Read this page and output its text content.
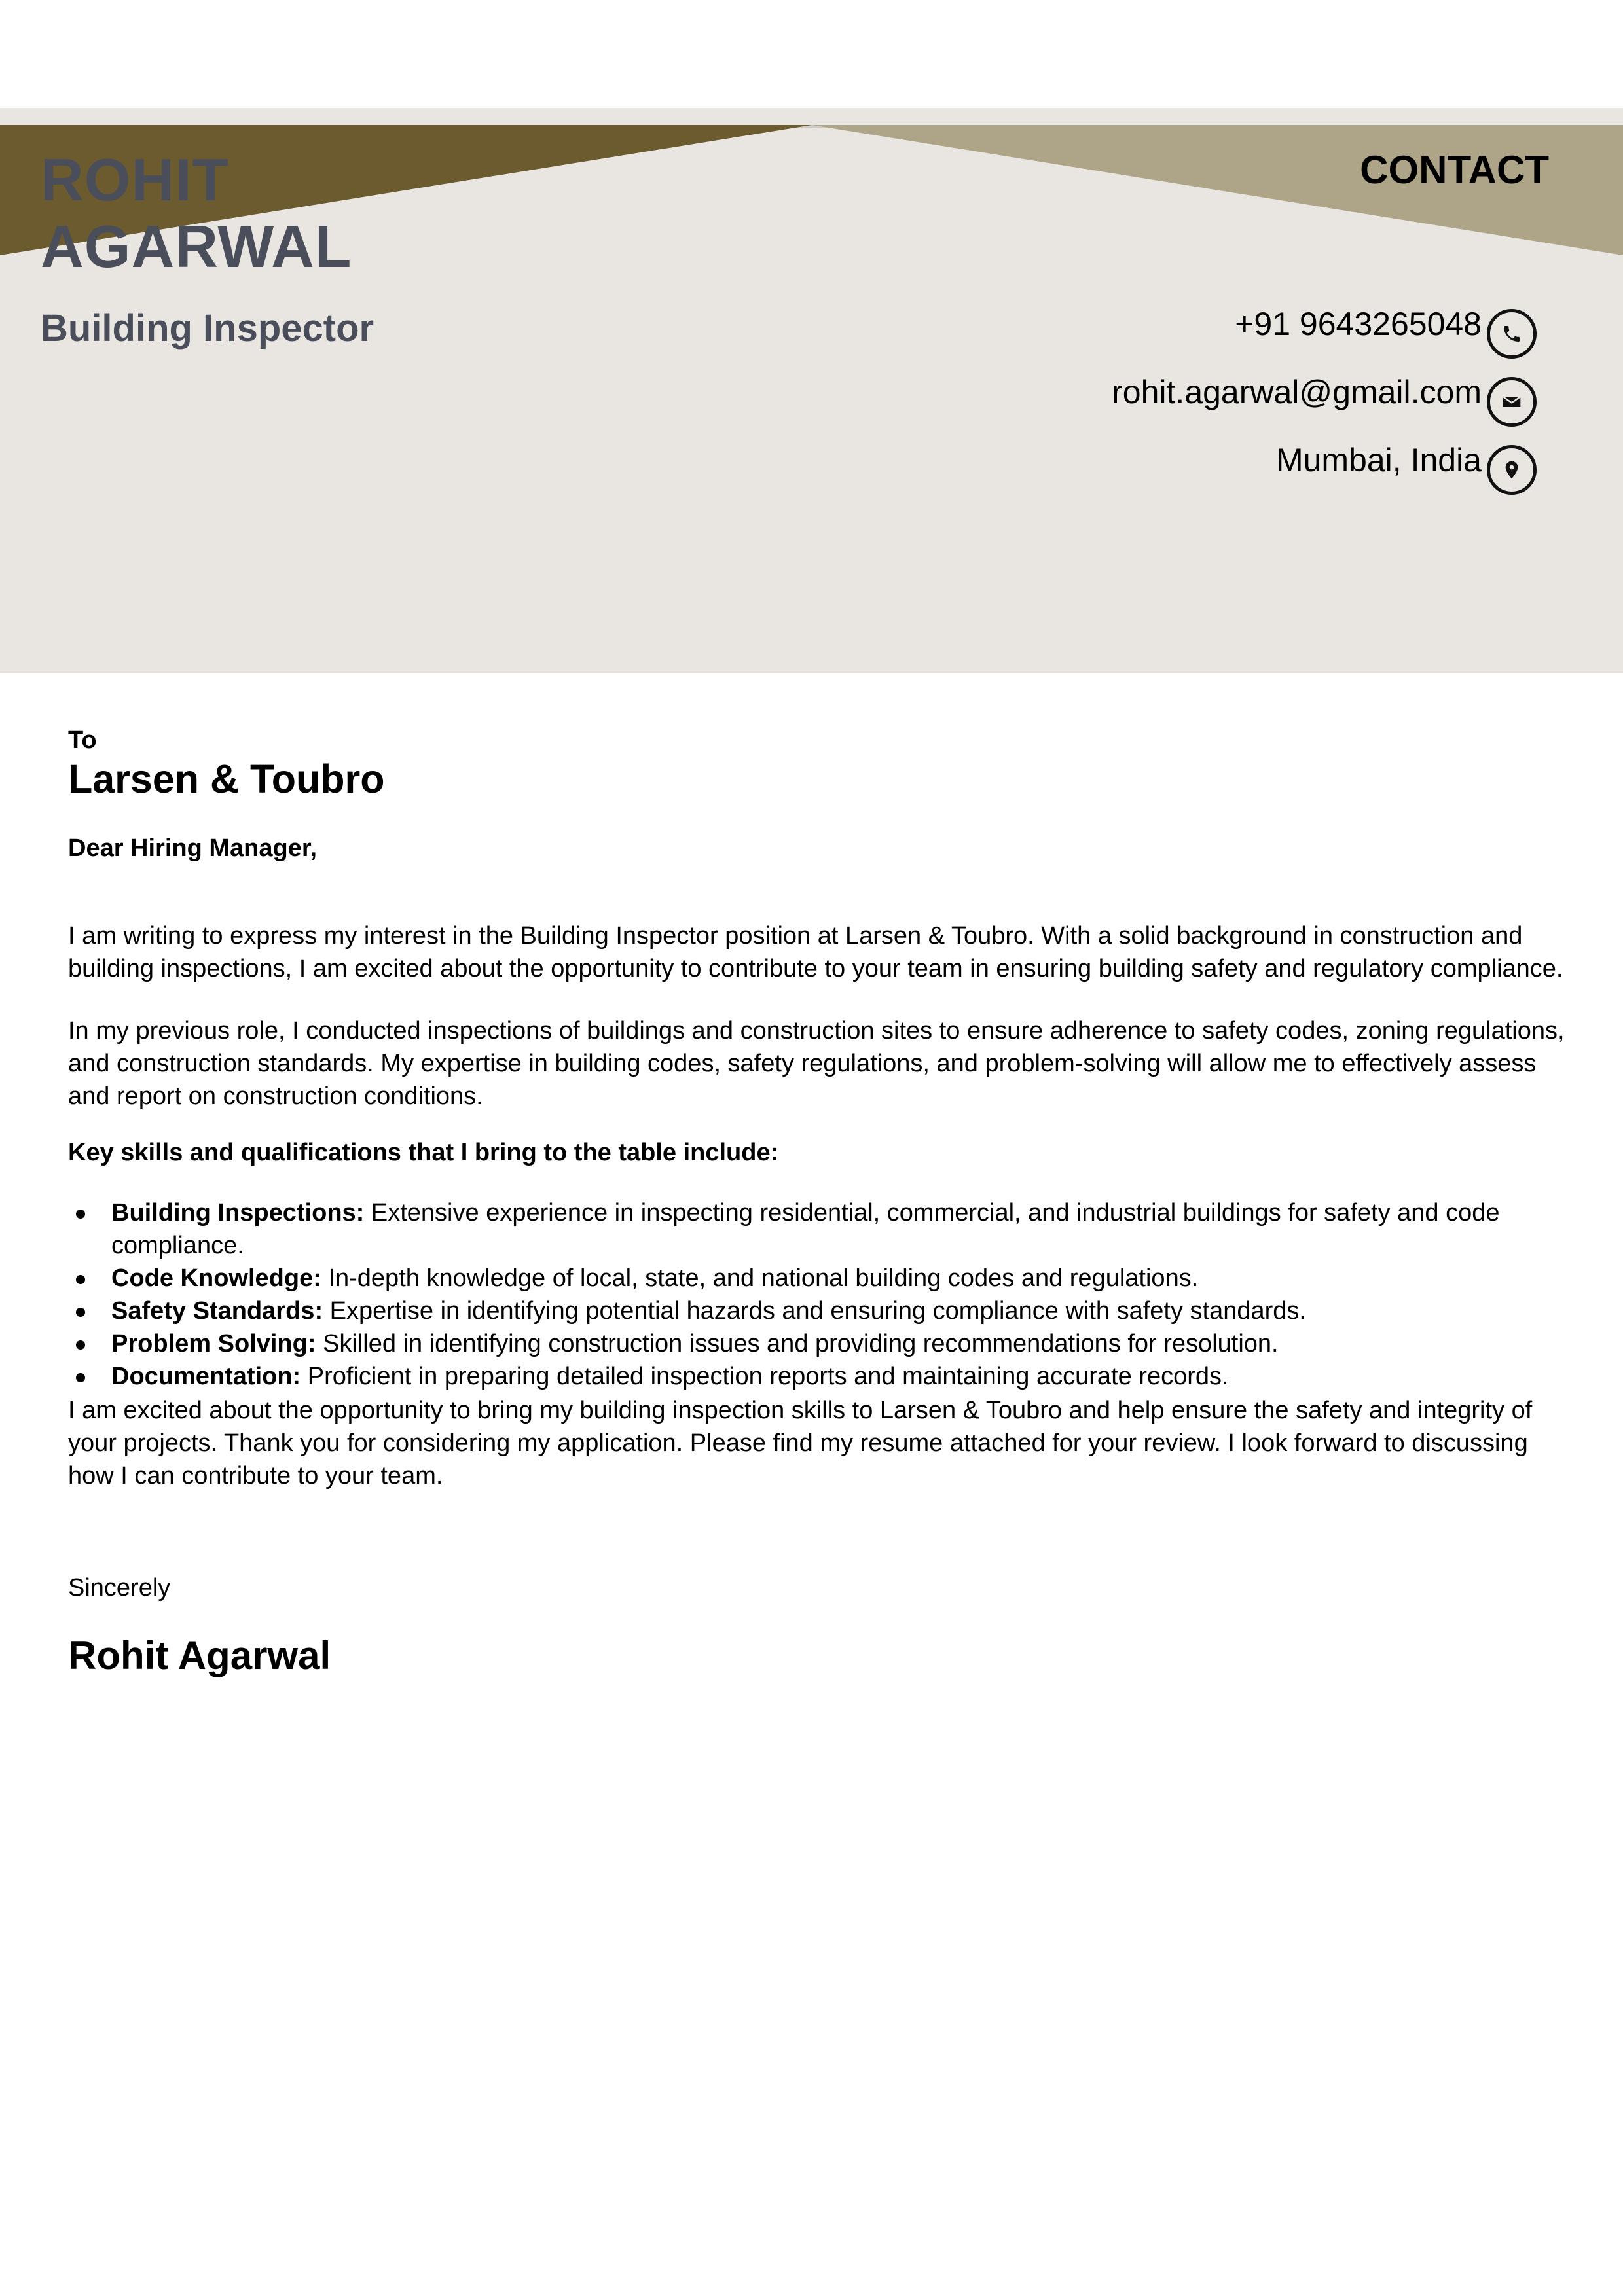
ROHIT
AGARWAL
Building Inspector
CONTACT
+91 9643265048
rohit.agarwal@gmail.com
Mumbai, India
To
Larsen & Toubro
Dear Hiring Manager,

I am writing to express my interest in the Building Inspector position at Larsen & Toubro. With a solid background in construction and building inspections, I am excited about the opportunity to contribute to your team in ensuring building safety and regulatory compliance.

In my previous role, I conducted inspections of buildings and construction sites to ensure adherence to safety codes, zoning regulations, and construction standards. My expertise in building codes, safety regulations, and problem-solving will allow me to effectively assess and report on construction conditions.

Key skills and qualifications that I bring to the table include:
Building Inspections: Extensive experience in inspecting residential, commercial, and industrial buildings for safety and code compliance.
Code Knowledge: In-depth knowledge of local, state, and national building codes and regulations.
Safety Standards: Expertise in identifying potential hazards and ensuring compliance with safety standards.
Problem Solving: Skilled in identifying construction issues and providing recommendations for resolution.
Documentation: Proficient in preparing detailed inspection reports and maintaining accurate records.

I am excited about the opportunity to bring my building inspection skills to Larsen & Toubro and help ensure the safety and integrity of your projects. Thank you for considering my application. Please find my resume attached for your review. I look forward to discussing how I can contribute to your team.

Sincerely
Rohit Agarwal
